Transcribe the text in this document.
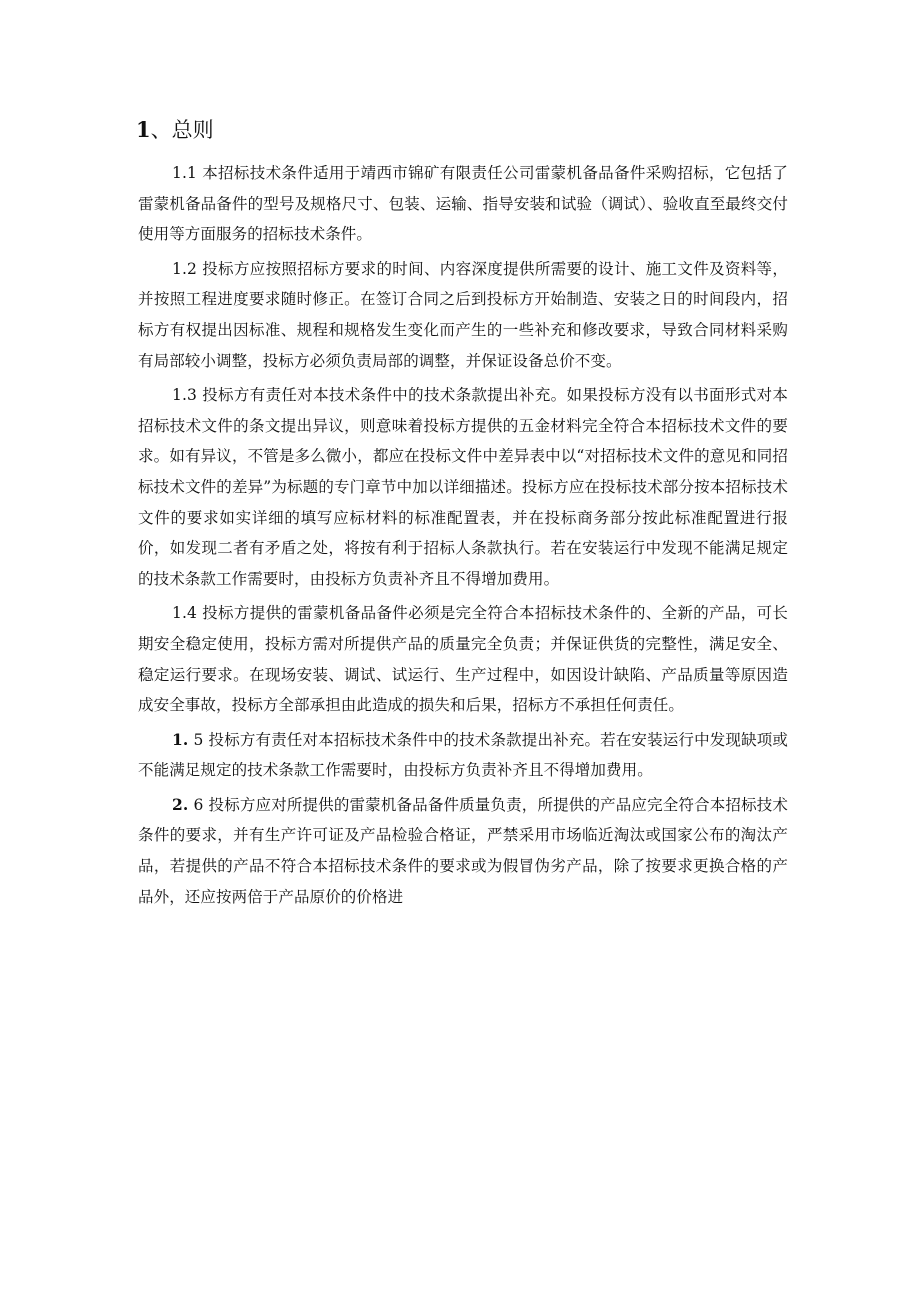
1、总则

1.1 本招标技术条件适用于靖西市锦矿有限责任公司雷蒙机备品备件采购招标，它包括了雷蒙机备品备件的型号及规格尺寸、包装、运输、指导安装和试验（调试）、验收直至最终交付使用等方面服务的招标技术条件。

1.2 投标方应按照招标方要求的时间、内容深度提供所需要的设计、施工文件及资料等，并按照工程进度要求随时修正。在签订合同之后到投标方开始制造、安装之日的时间段内，招标方有权提出因标准、规程和规格发生变化而产生的一些补充和修改要求，导致合同材料采购有局部较小调整，投标方必须负责局部的调整，并保证设备总价不变。

1.3 投标方有责任对本技术条件中的技术条款提出补充。如果投标方没有以书面形式对本招标技术文件的条文提出异议，则意味着投标方提供的五金材料完全符合本招标技术文件的要求。如有异议，不管是多么微小，都应在投标文件中差异表中以“对招标技术文件的意见和同招标技术文件的差异”为标题的专门章节中加以详细描述。投标方应在投标技术部分按本招标技术文件的要求如实详细的填写应标材料的标准配置表，并在投标商务部分按此标准配置进行报价，如发现二者有矛盾之处，将按有利于招标人条款执行。若在安装运行中发现不能满足规定的技术条款工作需要时，由投标方负责补齐且不得增加费用。

1.4 投标方提供的雷蒙机备品备件必须是完全符合本招标技术条件的、全新的产品，可长期安全稳定使用，投标方需对所提供产品的质量完全负责；并保证供货的完整性，满足安全、稳定运行要求。在现场安装、调试、试运行、生产过程中，如因设计缺陷、产品质量等原因造成安全事故，投标方全部承担由此造成的损失和后果，招标方不承担任何责任。

1. 5 投标方有责任对本招标技术条件中的技术条款提出补充。若在安装运行中发现缺项或不能满足规定的技术条款工作需要时，由投标方负责补齐且不得增加费用。

2. 6 投标方应对所提供的雷蒙机备品备件质量负责，所提供的产品应完全符合本招标技术条件的要求，并有生产许可证及产品检验合格证，严禁采用市场临近淘汰或国家公布的淘汰产品，若提供的产品不符合本招标技术条件的要求或为假冒伪劣产品，除了按要求更换合格的产品外，还应按两倍于产品原价的价格进
